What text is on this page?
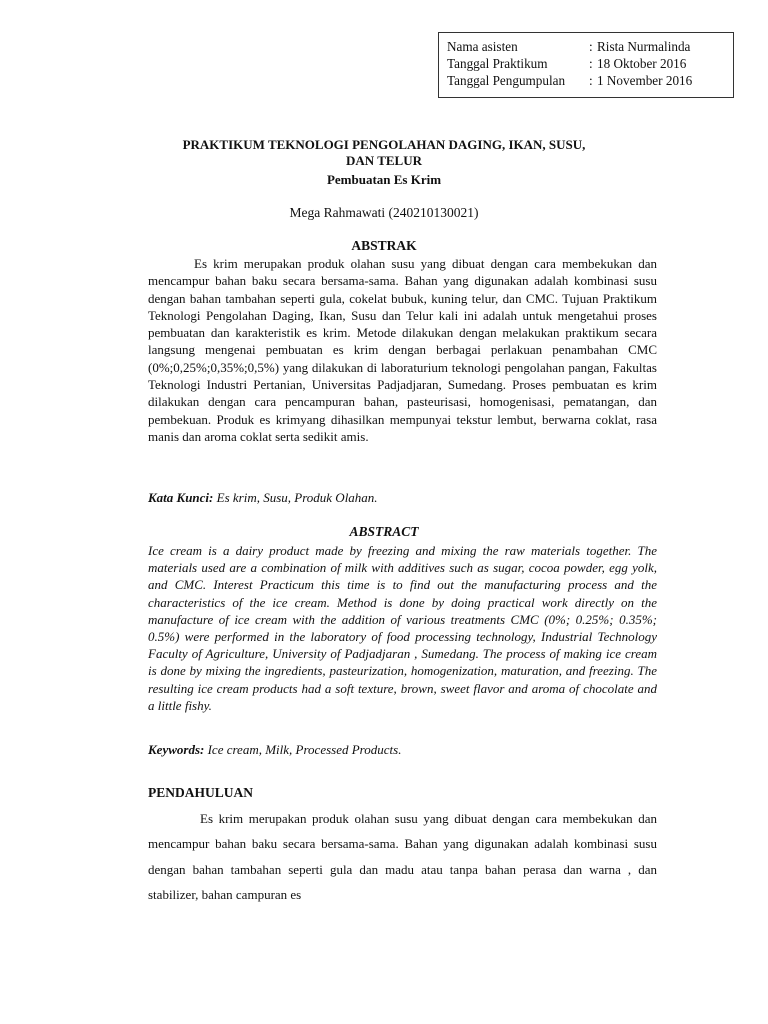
Nama asisten	: Rista Nurmalinda
Tanggal Praktikum	: 18 Oktober 2016
Tanggal Pengumpulan	: 1 November 2016
PRAKTIKUM TEKNOLOGI PENGOLAHAN DAGING, IKAN, SUSU,
DAN TELUR
Pembuatan Es Krim
Mega Rahmawati (240210130021)
ABSTRAK
Es krim merupakan produk olahan susu yang dibuat dengan cara membekukan dan mencampur bahan baku secara bersama-sama. Bahan yang digunakan adalah kombinasi susu dengan bahan tambahan seperti gula, cokelat bubuk, kuning telur, dan CMC. Tujuan Praktikum Teknologi Pengolahan Daging, Ikan, Susu dan Telur kali ini adalah untuk mengetahui proses pembuatan dan karakteristik es krim. Metode dilakukan dengan melakukan praktikum secara langsung mengenai pembuatan es krim dengan berbagai perlakuan penambahan CMC (0%;0,25%;0,35%;0,5%) yang dilakukan di laboraturium teknologi pengolahan pangan, Fakultas Teknologi Industri Pertanian, Universitas Padjadjaran, Sumedang. Proses pembuatan es krim dilakukan dengan cara pencampuran bahan, pasteurisasi, homogenisasi, pematangan, dan pembekuan. Produk es krimyang dihasilkan mempunyai tekstur lembut, berwarna coklat, rasa manis dan aroma coklat serta sedikit amis.
Kata Kunci: Es krim, Susu, Produk Olahan.
ABSTRACT
Ice cream is a dairy product made by freezing and mixing the raw materials together. The materials used are a combination of milk with additives such as sugar, cocoa powder, egg yolk, and CMC. Interest Practicum this time is to find out the manufacturing process and the characteristics of the ice cream. Method is done by doing practical work directly on the manufacture of ice cream with the addition of various treatments CMC (0%; 0.25%; 0.35%; 0.5%) were performed in the laboratory of food processing technology, Industrial Technology Faculty of Agriculture, University of Padjadjaran , Sumedang. The process of making ice cream is done by mixing the ingredients, pasteurization, homogenization, maturation, and freezing. The resulting ice cream products had a soft texture, brown, sweet flavor and aroma of chocolate and a little fishy.
Keywords: Ice cream, Milk, Processed Products.
PENDAHULUAN
Es krim merupakan produk olahan susu yang dibuat dengan cara membekukan dan mencampur bahan baku secara bersama-sama. Bahan yang digunakan adalah kombinasi susu dengan bahan tambahan seperti gula dan madu atau tanpa bahan perasa dan warna , dan stabilizer, bahan campuran es
